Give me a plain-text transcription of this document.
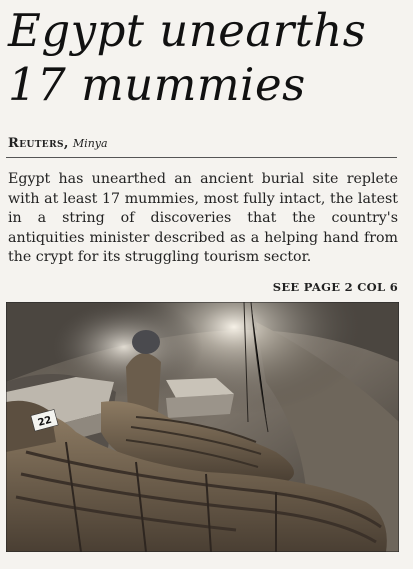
Egypt unearths
17 mummies
Reuters, Minya

Egypt has unearthed an ancient burial site replete with at least 17 mummies, most fully intact, the latest in a string of discoveries that the country's antiquities minister described as a helping hand from the crypt for its struggling tourism sector.

SEE PAGE 2 COL 6
22
